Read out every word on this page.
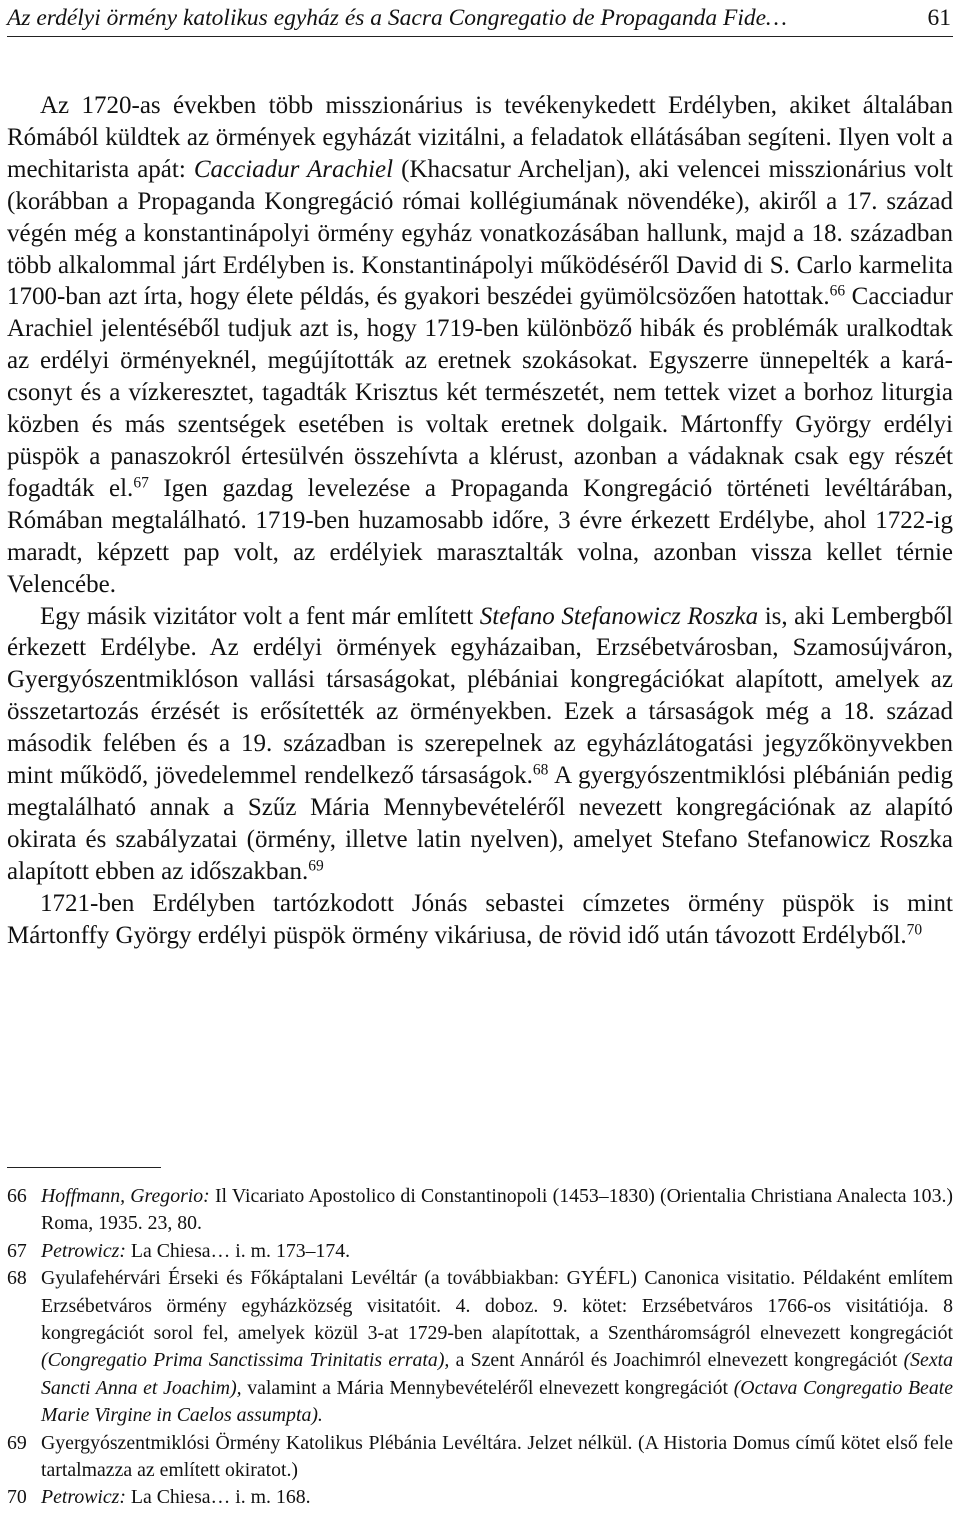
Az erdélyi örmény katolikus egyház és a Sacra Congregatio de Propaganda Fide…	61

Az 1720-as években több misszionárius is tevékenykedett Erdélyben, akiket általában Rómából küldtek az örmények egyházát vizitálni, a feladatok ellátásában segíteni. Ilyen volt a mechitarista apát: Cacciadur Arachiel (Khacsatur Archeljan), aki velencei misszionárius volt (korábban a Propaganda Kongregáció római kollégiumának növendéke), akiről a 17. század végén még a konstantinápolyi örmény egyház vonatkozásában hallunk, majd a 18. században több alkalommal járt Erdélyben is. Konstantinápolyi működéséről David di S. Carlo karmelita 1700-ban azt írta, hogy élete példás, és gyakori beszédei gyümölcsözően hatottak.$^{66}$ Cacciadur Arachiel jelentéséből tudjuk azt is, hogy 1719-ben különböző hibák és problémák uralkodtak az erdélyi örményeknél, megújították az eretnek szokásokat. Egyszerre ünnepelték a karácsonyt és a vízkeresztet, tagadták Krisztus két természetét, nem tettek vizet a borhoz liturgia közben és más szentségek esetében is voltak eretnek dolgaik. Mártonffy György erdélyi püspök a panaszokról értesülvén összehívta a klérust, azonban a vádaknak csak egy részét fogadták el.$^{67}$ Igen gazdag levelezése a Propaganda Kongregáció történeti levéltárában, Rómában megtalálható. 1719-ben huzamosabb időre, 3 évre érkezett Erdélybe, ahol 1722-ig maradt, képzett pap volt, az erdélyiek marasztalták volna, azonban vissza kellet térnie Velencébe.

Egy másik vizitátor volt a fent már említett Stefano Stefanowicz Roszka is, aki Lembergből érkezett Erdélybe. Az erdélyi örmények egyházaiban, Erzsébetvárosban, Szamosújváron, Gyergyószentmiklóson vallási társaságokat, plébániai kongregációkat alapított, amelyek az összetartozás érzését is erősítették az örményekben. Ezek a társaságok még a 18. század második felében és a 19. században is szerepelnek az egyházlátogatási jegyzőkönyvekben mint működő, jövedelemmel rendelkező társaságok.$^{68}$ A gyergyószentmiklósi plébánián pedig megtalálható annak a Szűz Mária Mennybevételéről nevezett kongregációnak az alapító okirata és szabályzatai (örmény, illetve latin nyelven), amelyet Stefano Stefanowicz Roszka alapított ebben az időszakban.$^{69}$

1721-ben Erdélyben tartózkodott Jónás sebastei címzetes örmény püspök is mint Mártonffy György erdélyi püspök örmény vikáriusa, de rövid idő után távozott Erdélyből.$^{70}$

66 Hoffmann, Gregorio: Il Vicariato Apostolico di Constantinopoli (1453–1830) (Orientalia Christiana Analecta 103.) Roma, 1935. 23, 80.
67 Petrowicz: La Chiesa… i. m. 173–174.
68 Gyulafehérvári Érseki és Főkáptalani Levéltár (a továbbiakban: GYÉFL) Canonica visitatio. Példaként említem Erzsébetváros örmény egyházközség visitatóit. 4. doboz. 9. kötet: Erzsébetváros 1766-os visitátiója. 8 kongregációt sorol fel, amelyek közül 3-at 1729-ben alapítottak, a Szentháromságról elnevezett kongregációt (Congregatio Prima Sanctissima Trinitatis errata), a Szent Annáról és Joachimról elnevezett kongregációt (Sexta Sancti Anna et Joachim), valamint a Mária Mennybevételéről elnevezett kongregációt (Octava Congregatio Beate Marie Virgine in Caelos assumpta).
69 Gyergyószentmiklósi Örmény Katolikus Plébánia Levéltára. Jelzet nélkül. (A Historia Domus című kötet első fele tartalmazza az említett okiratot.)
70 Petrowicz: La Chiesa… i. m. 168.
